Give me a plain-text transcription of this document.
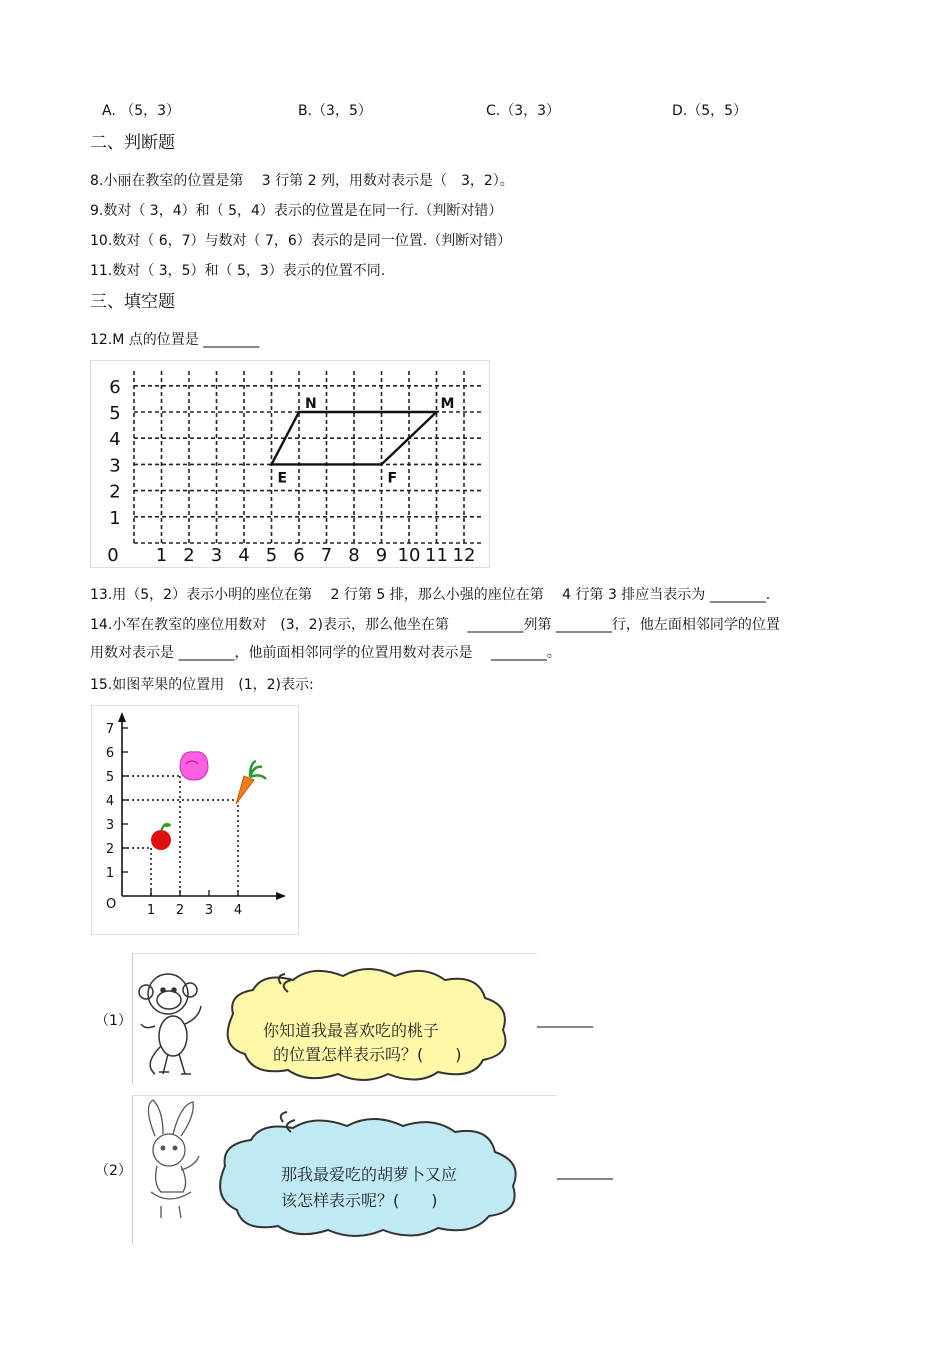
A. （5，3）	B.（3，5）	C.（3，3）	D.（5，5）
二、判断题
8.小丽在教室的位置是第　 3 行第 2 列，用数对表示是（　3，2）。
9.数对（ 3，4）和（ 5，4）表示的位置是在同一行.（判断对错）
10.数对（ 6，7）与数对（ 7，6）表示的是同一位置.（判断对错）
11.数对（ 3，5）和（ 5，3）表示的位置不同.
三、填空题
12.M 点的位置是 ________
0 1 2 3 4 5 6 7 8 9 10 11 12
1
2
3
4
5
6
N	M
E	F
13.用（5，2）表示小明的座位在第　 2 行第 5 排，那么小强的座位在第　 4 行第 3 排应当表示为 ________.
14.小军在教室的座位用数对　(3，2)表示，那么他坐在第　 ________列第 ________行，他左面相邻同学的位置
用数对表示是 ________，他前面相邻同学的位置用数对表示是　 ________。
15.如图苹果的位置用　(1，2)表示:
O
1
2
3
4
5
6
7
1 2 3 4
（1）	你知道我最喜欢吃的桃子
的位置怎样表示吗？(　　)
________
（2）	那我最爱吃的胡萝卜又应
该怎样表示呢？(　　)
________
